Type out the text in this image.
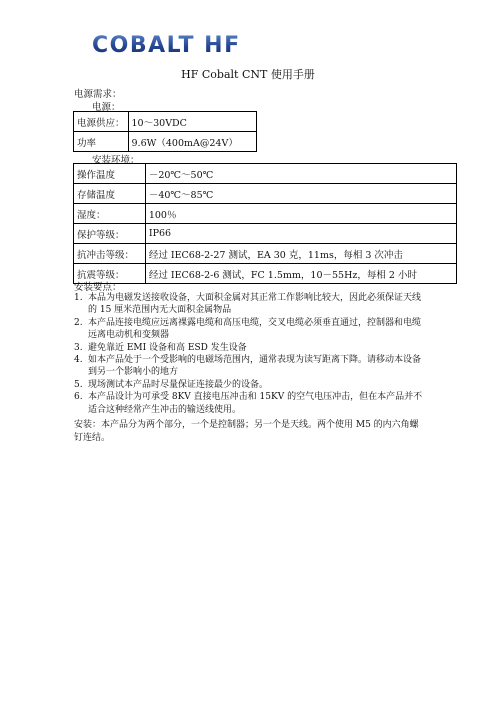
COBALT HF
HF Cobalt CNT 使用手册
电源需求：
电源：
电源供应：	10～30VDC
功率	9.6W（400mA@24V）
安装环境：
操作温度	－20℃～50℃
存储温度	－40℃～85℃
湿度：	100％
保护等级：	IP66
抗冲击等级：	经过 IEC68-2-27 测试，EA 30 克，11ms，每相 3 次冲击
抗震等级：	经过 IEC68-2-6 测试，FC 1.5mm，10－55Hz，每相 2 小时
安装要点：
1. 本品为电磁发送接收设备，大面积金属对其正常工作影响比较大，因此必须保证天线的 15 厘米范围内无大面积金属物品
2. 本产品连接电缆应远离裸露电缆和高压电缆，交叉电缆必须垂直通过，控制器和电缆远离电动机和变频器
3. 避免靠近 EMI 设备和高 ESD 发生设备
4. 如本产品处于一个受影响的电磁场范围内，通常表现为读写距离下降。请移动本设备到另一个影响小的地方
5. 现场测试本产品时尽量保证连接最少的设备。
6. 本产品设计为可承受 8KV 直接电压冲击和 15KV 的空气电压冲击，但在本产品并不适合这种经常产生冲击的输送线使用。
安装：本产品分为两个部分，一个是控制器；另一个是天线。两个使用 M5 的内六角螺钉连结。
